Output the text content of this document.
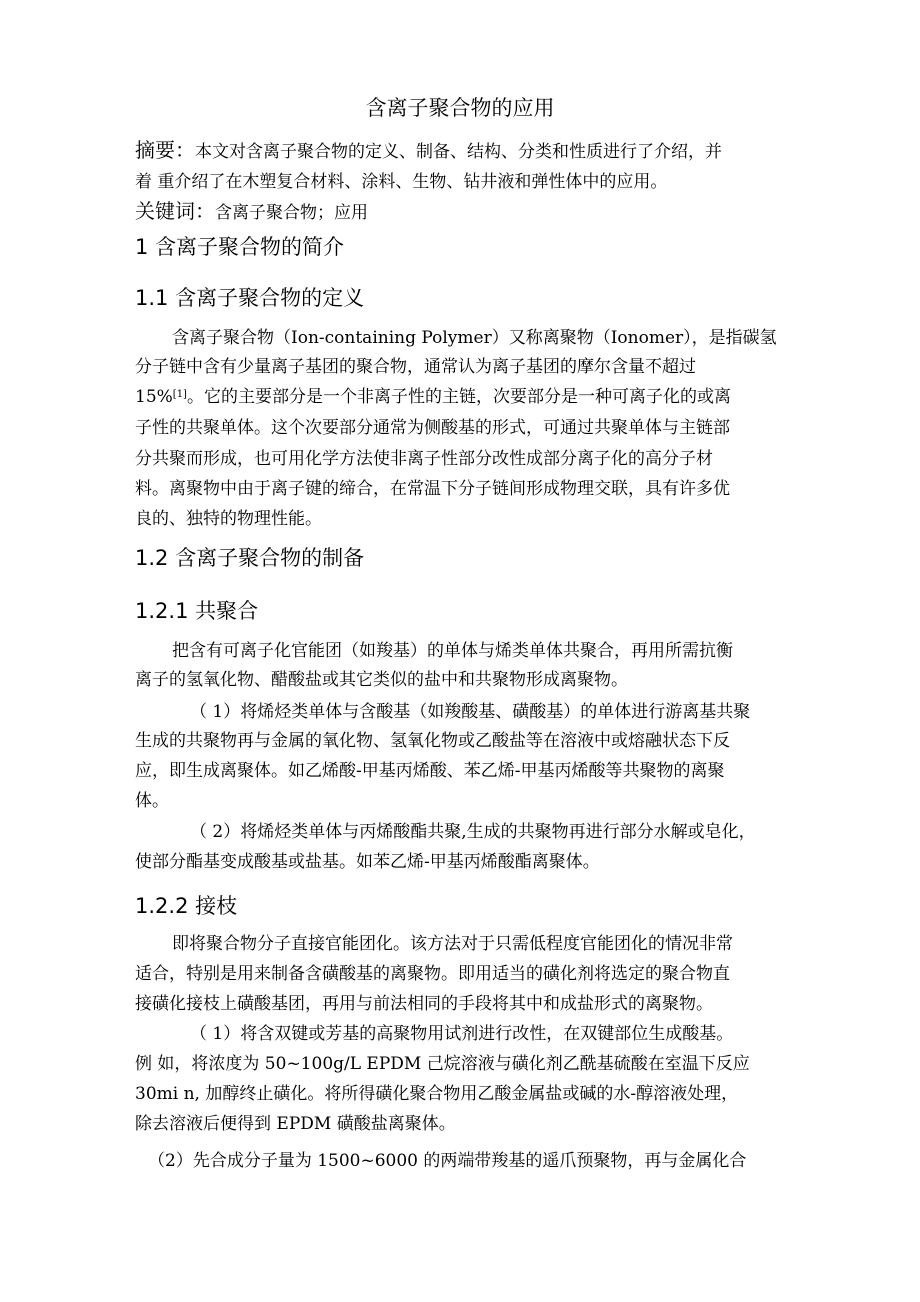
含离子聚合物的应用
摘要：本文对含离子聚合物的定义、制备、结构、分类和性质进行了介绍，并
着 重介绍了在木塑复合材料、涂料、生物、钻井液和弹性体中的应用。
关键词：含离子聚合物；应用
1 含离子聚合物的简介
1.1 含离子聚合物的定义
含离子聚合物（Ion-containing Polymer）又称离聚物（Ionomer），是指碳氢
分子链中含有少量离子基团的聚合物，通常认为离子基团的摩尔含量不超过
15%[1]。它的主要部分是一个非离子性的主链，次要部分是一种可离子化的或离
子性的共聚单体。这个次要部分通常为侧酸基的形式，可通过共聚单体与主链部
分共聚而形成，也可用化学方法使非离子性部分改性成部分离子化的高分子材
料。离聚物中由于离子键的缔合，在常温下分子链间形成物理交联，具有许多优
良的、独特的物理性能。
1.2 含离子聚合物的制备
1.2.1 共聚合
把含有可离子化官能团（如羧基）的单体与烯类单体共聚合，再用所需抗衡
离子的氢氧化物、醋酸盐或其它类似的盐中和共聚物形成离聚物。
（ 1）将烯烃类单体与含酸基（如羧酸基、磺酸基）的单体进行游离基共聚
生成的共聚物再与金属的氧化物、氢氧化物或乙酸盐等在溶液中或熔融状态下反
应，即生成离聚体。如乙烯酸-甲基丙烯酸、苯乙烯-甲基丙烯酸等共聚物的离聚
体。
（ 2）将烯烃类单体与丙烯酸酯共聚,生成的共聚物再进行部分水解或皂化，
使部分酯基变成酸基或盐基。如苯乙烯-甲基丙烯酸酯离聚体。
1.2.2 接枝
即将聚合物分子直接官能团化。该方法对于只需低程度官能团化的情况非常
适合，特别是用来制备含磺酸基的离聚物。即用适当的磺化剂将选定的聚合物直
接磺化接枝上磺酸基团，再用与前法相同的手段将其中和成盐形式的离聚物。
（ 1）将含双键或芳基的高聚物用试剂进行改性，在双键部位生成酸基。
例 如，将浓度为 50~100g/L EPDM 己烷溶液与磺化剂乙酰基硫酸在室温下反应
30mi n, 加醇终止磺化。将所得磺化聚合物用乙酸金属盐或碱的水-醇溶液处理，
除去溶液后便得到 EPDM 磺酸盐离聚体。
（2）先合成分子量为 1500~6000 的两端带羧基的遥爪预聚物，再与金属化合
